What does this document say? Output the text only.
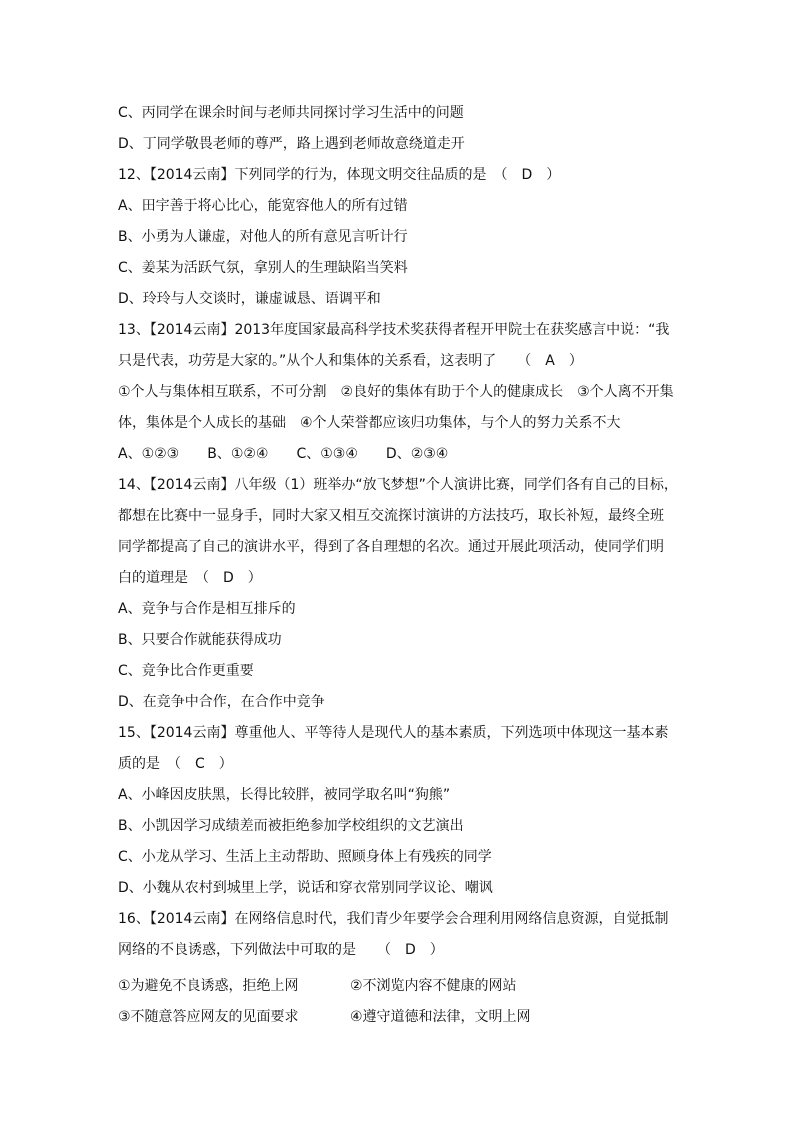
C、丙同学在课余时间与老师共同探讨学习生活中的问题
D、丁同学敬畏老师的尊严，路上遇到老师故意绕道走开
12、【2014云南】下列同学的行为，体现文明交往品质的是　（　D　）
A、田宇善于将心比心，能宽容他人的所有过错
B、小勇为人谦虚，对他人的所有意见言听计行
C、姜某为活跃气氛，拿别人的生理缺陷当笑料
D、玲玲与人交谈时，谦虚诚恳、语调平和
13、【2014云南】2013年度国家最高科学技术奖获得者程开甲院士在获奖感言中说：“我
只是代表，功劳是大家的。”从个人和集体的关系看，这表明了　　（　A　）
①个人与集体相互联系，不可分割　②良好的集体有助于个人的健康成长　③个人离不开集
体，集体是个人成长的基础　④个人荣誉都应该归功集体，与个人的努力关系不大
A、①②③　　B、①②④　　C、①③④　　D、②③④
14、【2014云南】八年级（1）班举办“放飞梦想”个人演讲比赛，同学们各有自己的目标，
都想在比赛中一显身手，同时大家又相互交流探讨演讲的方法技巧，取长补短，最终全班
同学都提高了自己的演讲水平，得到了各自理想的名次。通过开展此项活动，使同学们明
白的道理是　（　D　）
A、竞争与合作是相互排斥的
B、只要合作就能获得成功
C、竞争比合作更重要
D、在竞争中合作，在合作中竞争
15、【2014云南】尊重他人、平等待人是现代人的基本素质，下列选项中体现这一基本素
质的是　（　C　）
A、小峰因皮肤黑，长得比较胖，被同学取名叫“狗熊”
B、小凯因学习成绩差而被拒绝参加学校组织的文艺演出
C、小龙从学习、生活上主动帮助、照顾身体上有残疾的同学
D、小魏从农村到城里上学，说话和穿衣常别同学议论、嘲讽
16、【2014云南】在网络信息时代，我们青少年要学会合理利用网络信息资源，自觉抵制
网络的不良诱惑，下列做法中可取的是　　（　D　）
①为避免不良诱惑，拒绝上网	②不浏览内容不健康的网站
③不随意答应网友的见面要求	④遵守道德和法律，文明上网
